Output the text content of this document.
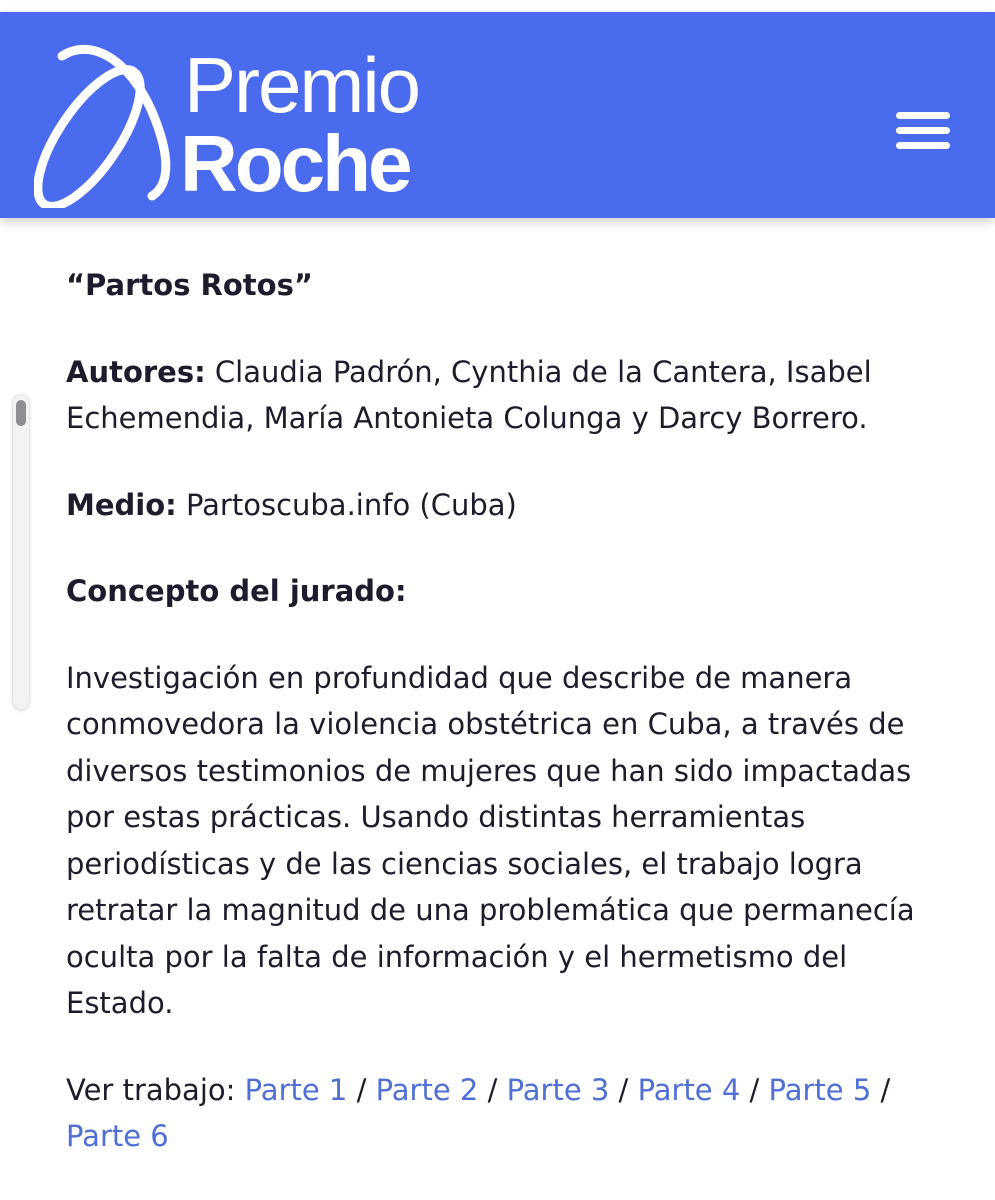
Premio
Roche

“Partos Rotos”

Autores: Claudia Padrón, Cynthia de la Cantera, Isabel Echemendia, María Antonieta Colunga y Darcy Borrero.

Medio: Partoscuba.info (Cuba)

Concepto del jurado:

Investigación en profundidad que describe de manera conmovedora la violencia obstétrica en Cuba, a través de diversos testimonios de mujeres que han sido impactadas por estas prácticas. Usando distintas herramientas periodísticas y de las ciencias sociales, el trabajo logra retratar la magnitud de una problemática que permanecía oculta por la falta de información y el hermetismo del Estado.

Ver trabajo: Parte 1 / Parte 2 / Parte 3 / Parte 4 / Parte 5 / Parte 6
